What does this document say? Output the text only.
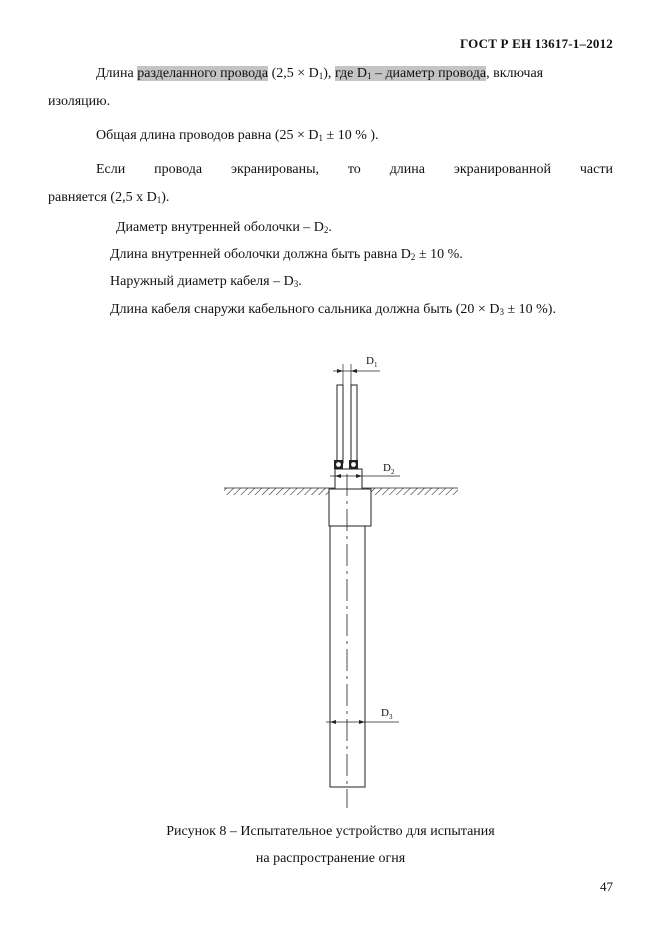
ГОСТ Р ЕН 13617-1–2012
Длина разделанного провода $(2,5 \times D_1)$, где $D_1$ – диаметр провода, включая
изоляцию.
Общая длина проводов равна ($25 \times D_1 \pm 10$ % ).
Если провода экранированы, то длина экранированной части
равняется (2,5 х $D_1$).
Диаметр внутренней оболочки – $D_2$.
Длина внутренней оболочки должна быть равна $D_2 \pm 10$ %.
Наружный диаметр кабеля – $D_3$.
Длина кабеля снаружи кабельного сальника должна быть ($20 \times D_3 \pm 10$ %).
$D_1$
$D_2$
$D_3$
Рисунок 8 – Испытательное устройство для испытания
на распространение огня
47
